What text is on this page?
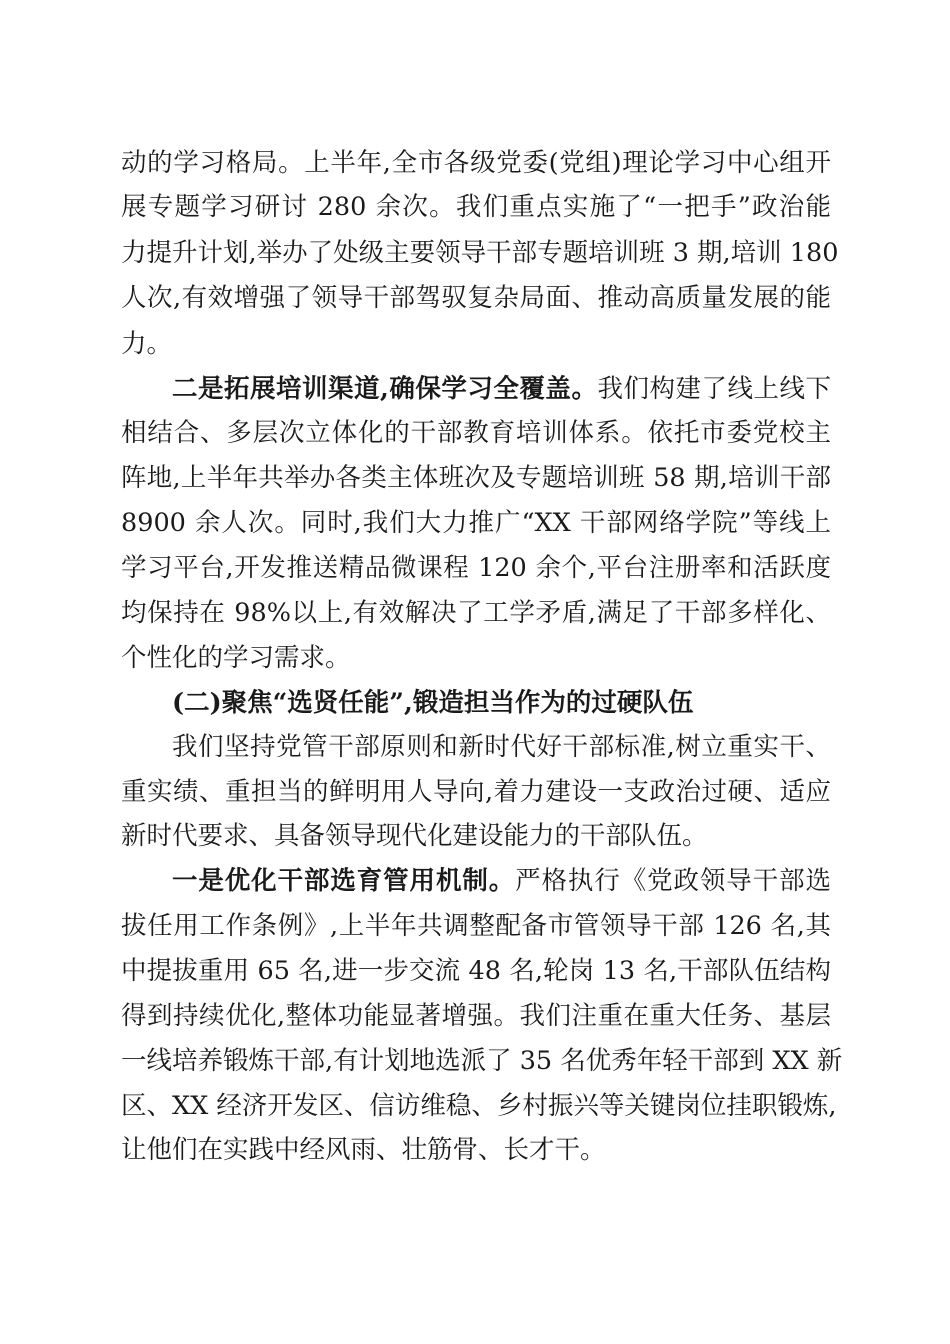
动的学习格局。上半年,全市各级党委(党组)理论学习中心组开
展专题学习研讨 280 余次。我们重点实施了“一把手”政治能
力提升计划,举办了处级主要领导干部专题培训班 3 期,培训 180
人次,有效增强了领导干部驾驭复杂局面、推动高质量发展的能
力。
二是拓展培训渠道,确保学习全覆盖。我们构建了线上线下
相结合、多层次立体化的干部教育培训体系。依托市委党校主
阵地,上半年共举办各类主体班次及专题培训班 58 期,培训干部
8900 余人次。同时,我们大力推广“XX 干部网络学院”等线上
学习平台,开发推送精品微课程 120 余个,平台注册率和活跃度
均保持在 98%以上,有效解决了工学矛盾,满足了干部多样化、
个性化的学习需求。
(二)聚焦“选贤任能”,锻造担当作为的过硬队伍
我们坚持党管干部原则和新时代好干部标准,树立重实干、
重实绩、重担当的鲜明用人导向,着力建设一支政治过硬、适应
新时代要求、具备领导现代化建设能力的干部队伍。
一是优化干部选育管用机制。严格执行《党政领导干部选
拔任用工作条例》,上半年共调整配备市管领导干部 126 名,其
中提拔重用 65 名,进一步交流 48 名,轮岗 13 名,干部队伍结构
得到持续优化,整体功能显著增强。我们注重在重大任务、基层
一线培养锻炼干部,有计划地选派了 35 名优秀年轻干部到 XX 新
区、XX 经济开发区、信访维稳、乡村振兴等关键岗位挂职锻炼,
让他们在实践中经风雨、壮筋骨、长才干。
